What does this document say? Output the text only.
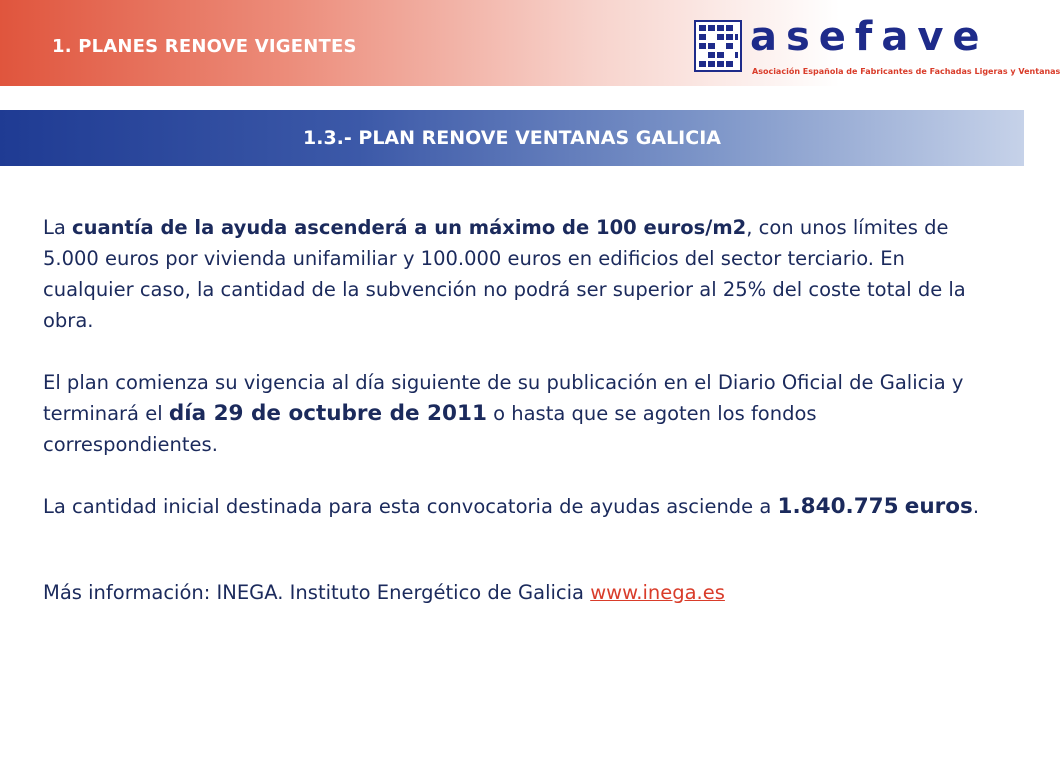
1. PLANES RENOVE VIGENTES	asefave
Asociación Española de Fabricantes de Fachadas Ligeras y Ventanas
1.3.- PLAN RENOVE VENTANAS GALICIA

La cuantía de la ayuda ascenderá a un máximo de 100 euros/m2, con unos límites de 5.000 euros por vivienda unifamiliar y 100.000 euros en edificios del sector terciario. En cualquier caso, la cantidad de la subvención no podrá ser superior al 25% del coste total de la obra.

El plan comienza su vigencia al día siguiente de su publicación en el Diario Oficial de Galicia y terminará el día 29 de octubre de 2011 o hasta que se agoten los fondos correspondientes.

La cantidad inicial destinada para esta convocatoria de ayudas asciende a 1.840.775 euros.

Más información: INEGA. Instituto Energético de Galicia www.inega.es
